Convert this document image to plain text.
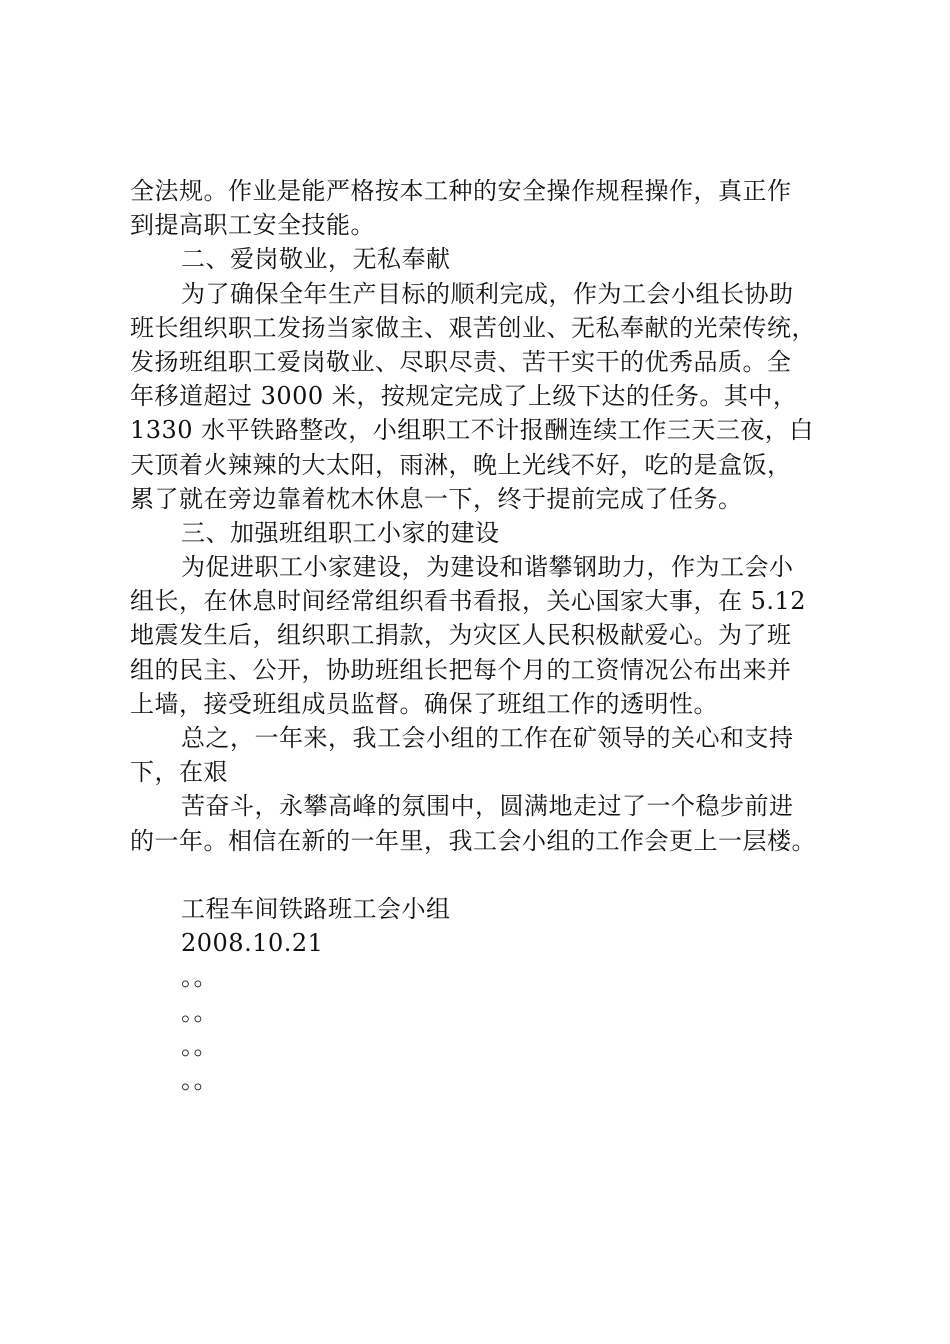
全法规。作业是能严格按本工种的安全操作规程操作，真正作
到提高职工安全技能。
二、爱岗敬业，无私奉献
为了确保全年生产目标的顺利完成，作为工会小组长协助
班长组织职工发扬当家做主、艰苦创业、无私奉献的光荣传统，
发扬班组职工爱岗敬业、尽职尽责、苦干实干的优秀品质。全
年移道超过 3000 米，按规定完成了上级下达的任务。其中，
1330 水平铁路整改，小组职工不计报酬连续工作三天三夜，白
天顶着火辣辣的大太阳，雨淋，晚上光线不好，吃的是盒饭，
累了就在旁边靠着枕木休息一下，终于提前完成了任务。
三、加强班组职工小家的建设
为促进职工小家建设，为建设和谐攀钢助力，作为工会小
组长，在休息时间经常组织看书看报，关心国家大事，在 5.12
地震发生后，组织职工捐款，为灾区人民积极献爱心。为了班
组的民主、公开，协助班组长把每个月的工资情况公布出来并
上墙，接受班组成员监督。确保了班组工作的透明性。
总之，一年来，我工会小组的工作在矿领导的关心和支持
下，在艰
苦奋斗，永攀高峰的氛围中，圆满地走过了一个稳步前进
的一年。相信在新的一年里，我工会小组的工作会更上一层楼。
工程车间铁路班工会小组
2008.10.21
。。
。。
。。
。。
